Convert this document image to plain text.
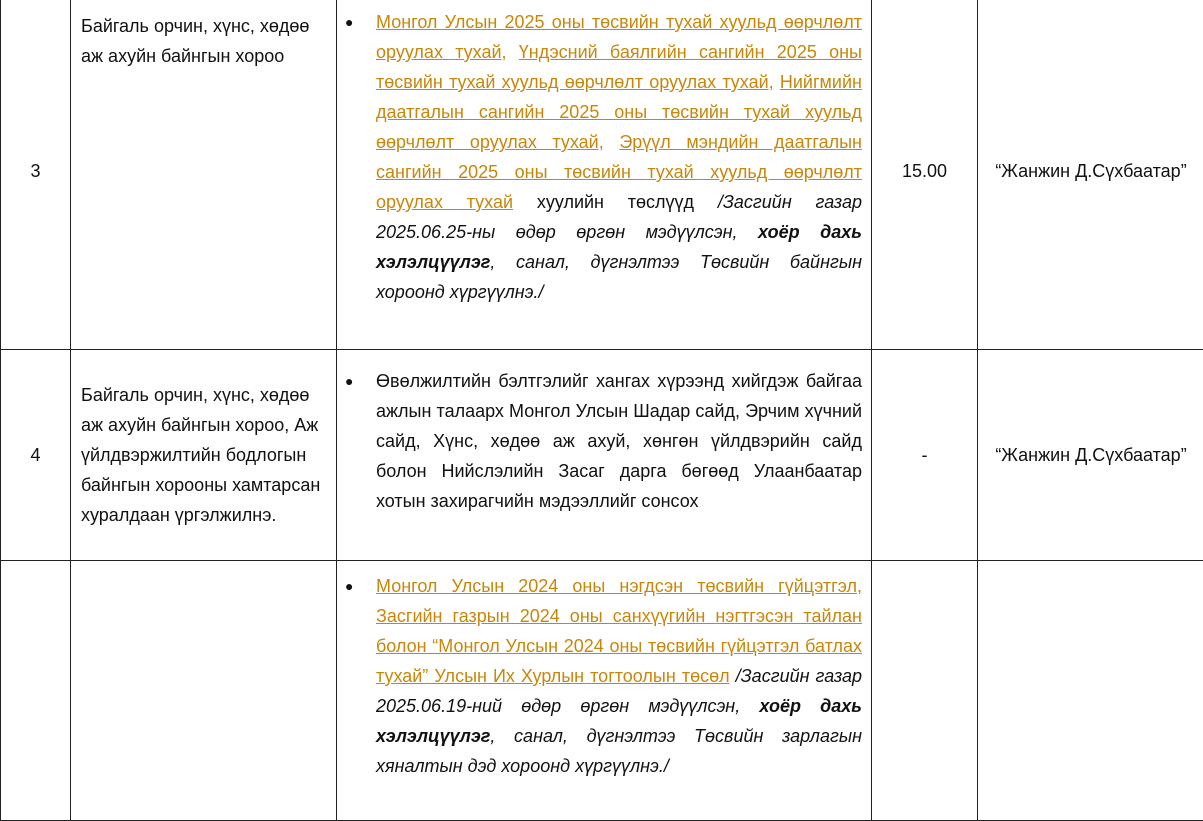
3	Байгаль орчин, хүнс, хөдөө аж ахуйн байнгын хороо	● Монгол Улсын 2025 оны төсвийн тухай хуульд өөрчлөлт оруулах тухай, Үндэсний баялгийн сангийн 2025 оны төсвийн тухай хуульд өөрчлөлт оруулах тухай, Нийгмийн даатгалын сангийн 2025 оны төсвийн тухай хуульд өөрчлөлт оруулах тухай, Эрүүл мэндийн даатгалын сангийн 2025 оны төсвийн тухай хуульд өөрчлөлт оруулах тухай хуулийн төслүүд /Засгийн газар 2025.06.25-ны өдөр өргөн мэдүүлсэн, хоёр дахь хэлэлцүүлэг, санал, дүгнэлтээ Төсвийн байнгын хороонд хүргүүлнэ./	15.00	“Жанжин Д.Сүхбаатар”

4	Байгаль орчин, хүнс, хөдөө аж ахуйн байнгын хороо, Аж үйлдвэржилтийн бодлогын байнгын хорооны хамтарсан хуралдаан үргэлжилнэ.	● Өвөлжилтийн бэлтгэлийг хангах хүрээнд хийгдэж байгаа ажлын талаарх Монгол Улсын Шадар сайд, Эрчим хүчний сайд, Хүнс, хөдөө аж ахуй, хөнгөн үйлдвэрийн сайд болон Нийслэлийн Засаг дарга бөгөөд Улаанбаатар хотын захирагчийн мэдээллийг сонсох	-	“Жанжин Д.Сүхбаатар”

		● Монгол Улсын 2024 оны нэгдсэн төсвийн гүйцэтгэл, Засгийн газрын 2024 оны санхүүгийн нэгтгэсэн тайлан болон “Монгол Улсын 2024 оны төсвийн гүйцэтгэл батлах тухай” Улсын Их Хурлын тогтоолын төсөл /Засгийн газар 2025.06.19-ний өдөр өргөн мэдүүлсэн, хоёр дахь хэлэлцүүлэг, санал, дүгнэлтээ Төсвийн зарлагын хяналтын дэд хороонд хүргүүлнэ./		
